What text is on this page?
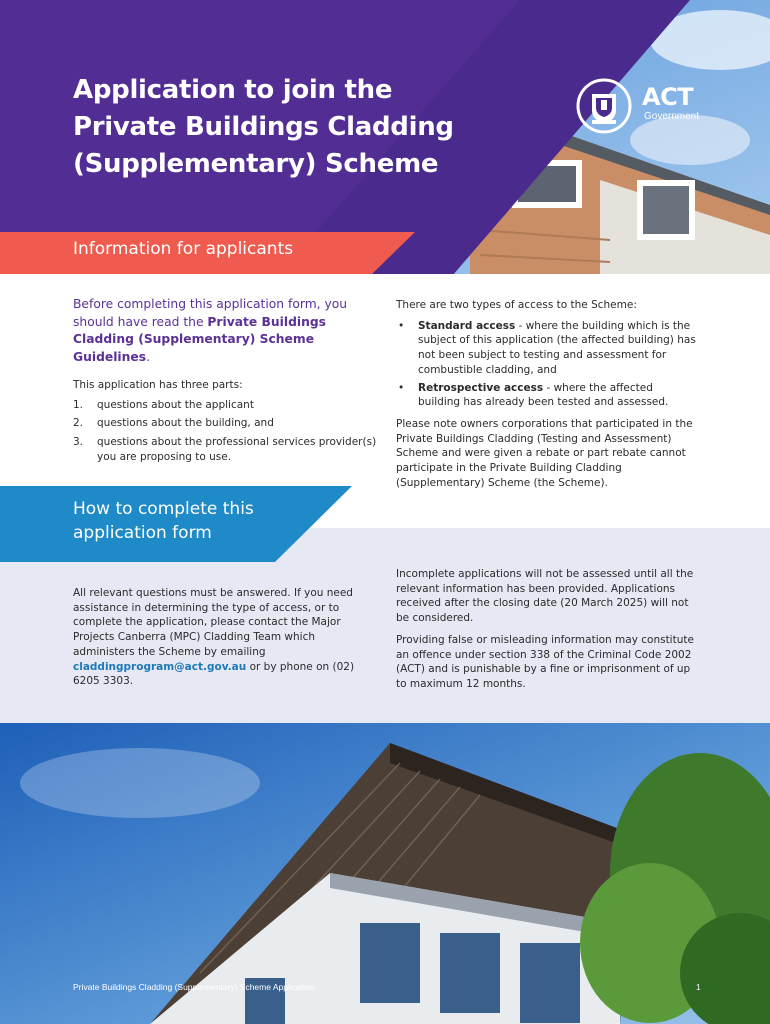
Application to join the
Private Buildings Cladding
(Supplementary) Scheme
ACT
Government
Information for applicants

Before completing this application form, you should have read the Private Buildings Cladding (Supplementary) Scheme Guidelines.

This application has three parts:

1.	questions about the applicant
2.	questions about the building, and
3.	questions about the professional services provider(s) you are proposing to use.

There are two types of access to the Scheme:

•	Standard access - where the building which is the subject of this application (the affected building) has not been subject to testing and assessment for combustible cladding, and
•	Retrospective access - where the affected building has already been tested and assessed.

Please note owners corporations that participated in the Private Buildings Cladding (Testing and Assessment) Scheme and were given a rebate or part rebate cannot participate in the Private Building Cladding (Supplementary) Scheme (the Scheme).

How to complete this
application form

All relevant questions must be answered. If you need assistance in determining the type of access, or to complete the application, please contact the Major Projects Canberra (MPC) Cladding Team which administers the Scheme by emailing claddingprogram@act.gov.au or by phone on (02) 6205 3303.

Incomplete applications will not be assessed until all the relevant information has been provided. Applications received after the closing date (20 March 2025) will not be considered.

Providing false or misleading information may constitute an offence under section 338 of the Criminal Code 2002 (ACT) and is punishable by a fine or imprisonment of up to maximum 12 months.

Private Buildings Cladding (Supplementary) Scheme Application	1
